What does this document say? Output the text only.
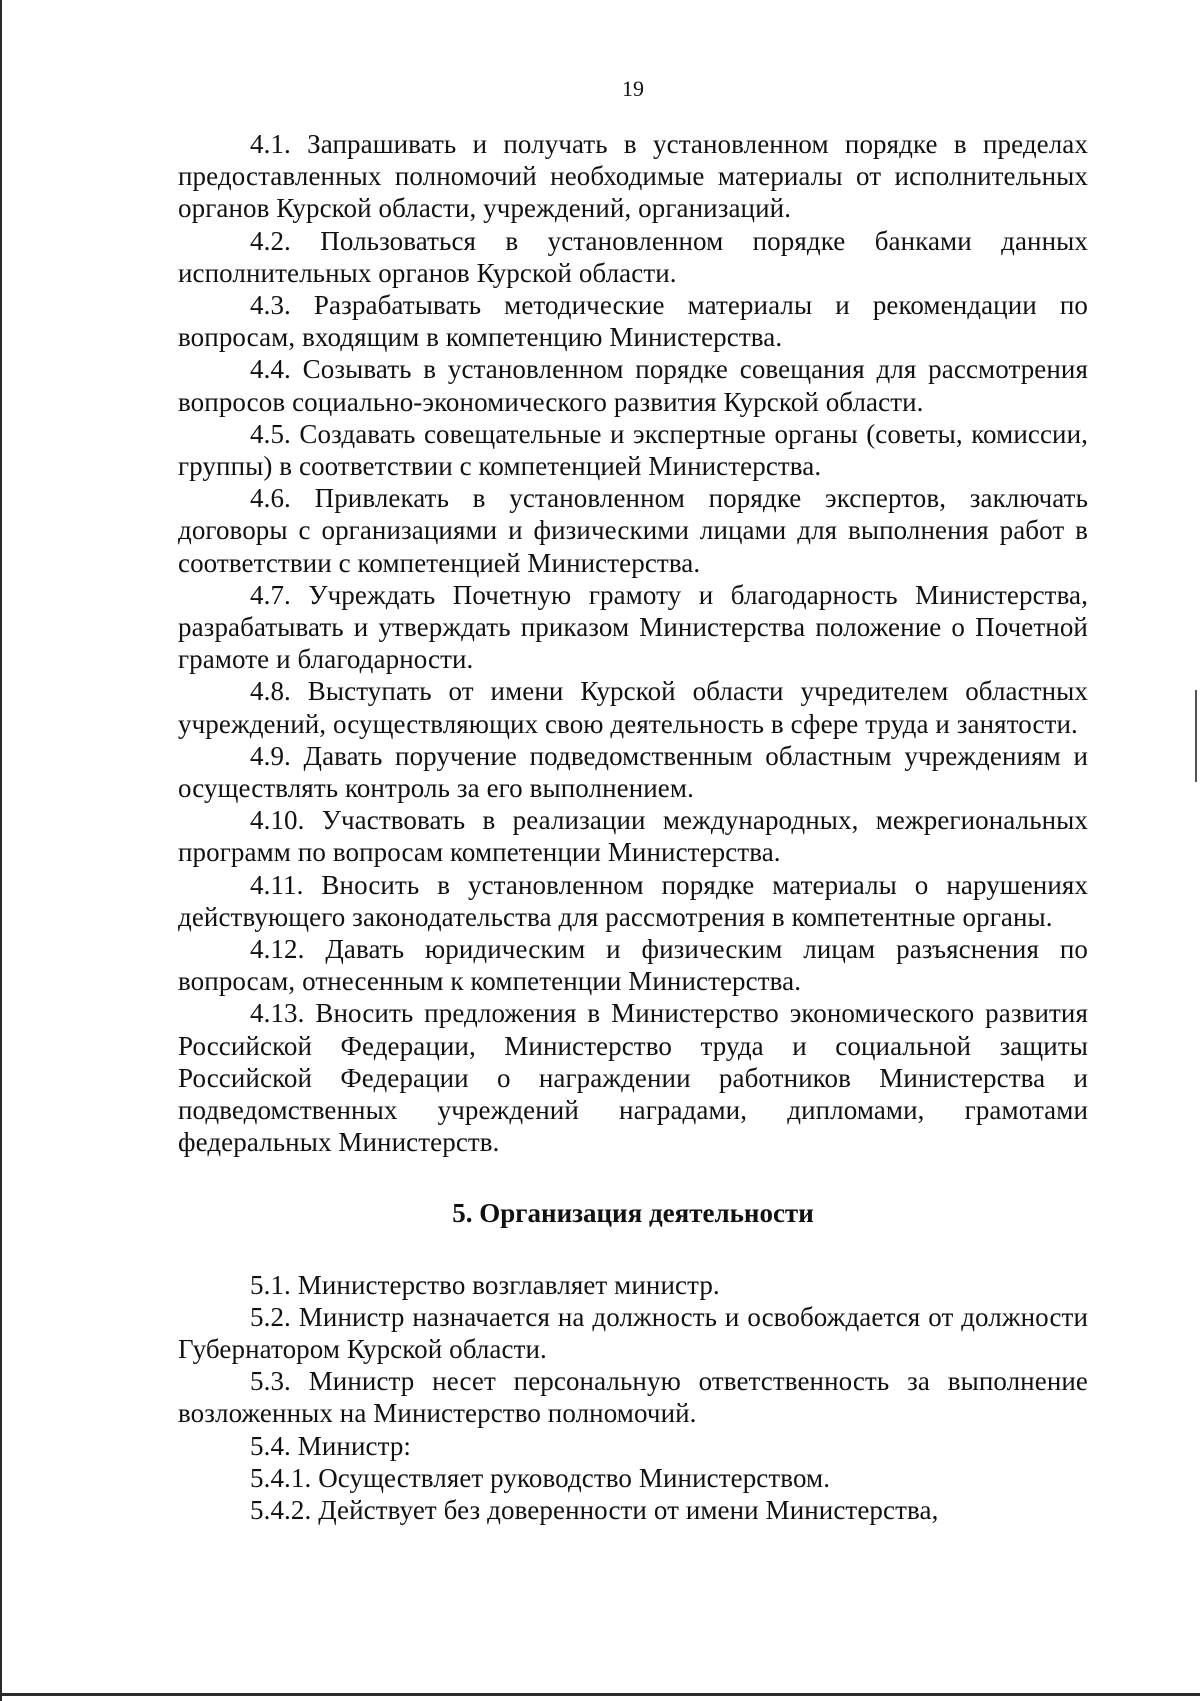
19

4.1. Запрашивать и получать в установленном порядке в пределах предоставленных полномочий необходимые материалы от исполнительных органов Курской области, учреждений, организаций.

4.2. Пользоваться в установленном порядке банками данных исполнительных органов Курской области.

4.3. Разрабатывать методические материалы и рекомендации по вопросам, входящим в компетенцию Министерства.

4.4. Созывать в установленном порядке совещания для рассмотрения вопросов социально-экономического развития Курской области.

4.5. Создавать совещательные и экспертные органы (советы, комиссии, группы) в соответствии с компетенцией Министерства.

4.6. Привлекать в установленном порядке экспертов, заключать договоры с организациями и физическими лицами для выполнения работ в соответствии с компетенцией Министерства.

4.7. Учреждать Почетную грамоту и благодарность Министерства, разрабатывать и утверждать приказом Министерства положение о Почетной грамоте и благодарности.

4.8. Выступать от имени Курской области учредителем областных учреждений, осуществляющих свою деятельность в сфере труда и занятости.

4.9. Давать поручение подведомственным областным учреждениям и осуществлять контроль за его выполнением.

4.10. Участвовать в реализации международных, межрегиональных программ по вопросам компетенции Министерства.

4.11. Вносить в установленном порядке материалы о нарушениях действующего законодательства для рассмотрения в компетентные органы.

4.12. Давать юридическим и физическим лицам разъяснения по вопросам, отнесенным к компетенции Министерства.

4.13. Вносить предложения в Министерство экономического развития Российской Федерации, Министерство труда и социальной защиты Российской Федерации о награждении работников Министерства и подведомственных учреждений наградами, дипломами, грамотами федеральных Министерств.

5. Организация деятельности

5.1. Министерство возглавляет министр.

5.2. Министр назначается на должность и освобождается от должности Губернатором Курской области.

5.3. Министр несет персональную ответственность за выполнение возложенных на Министерство полномочий.

5.4. Министр:

5.4.1. Осуществляет руководство Министерством.

5.4.2. Действует без доверенности от имени Министерства,
